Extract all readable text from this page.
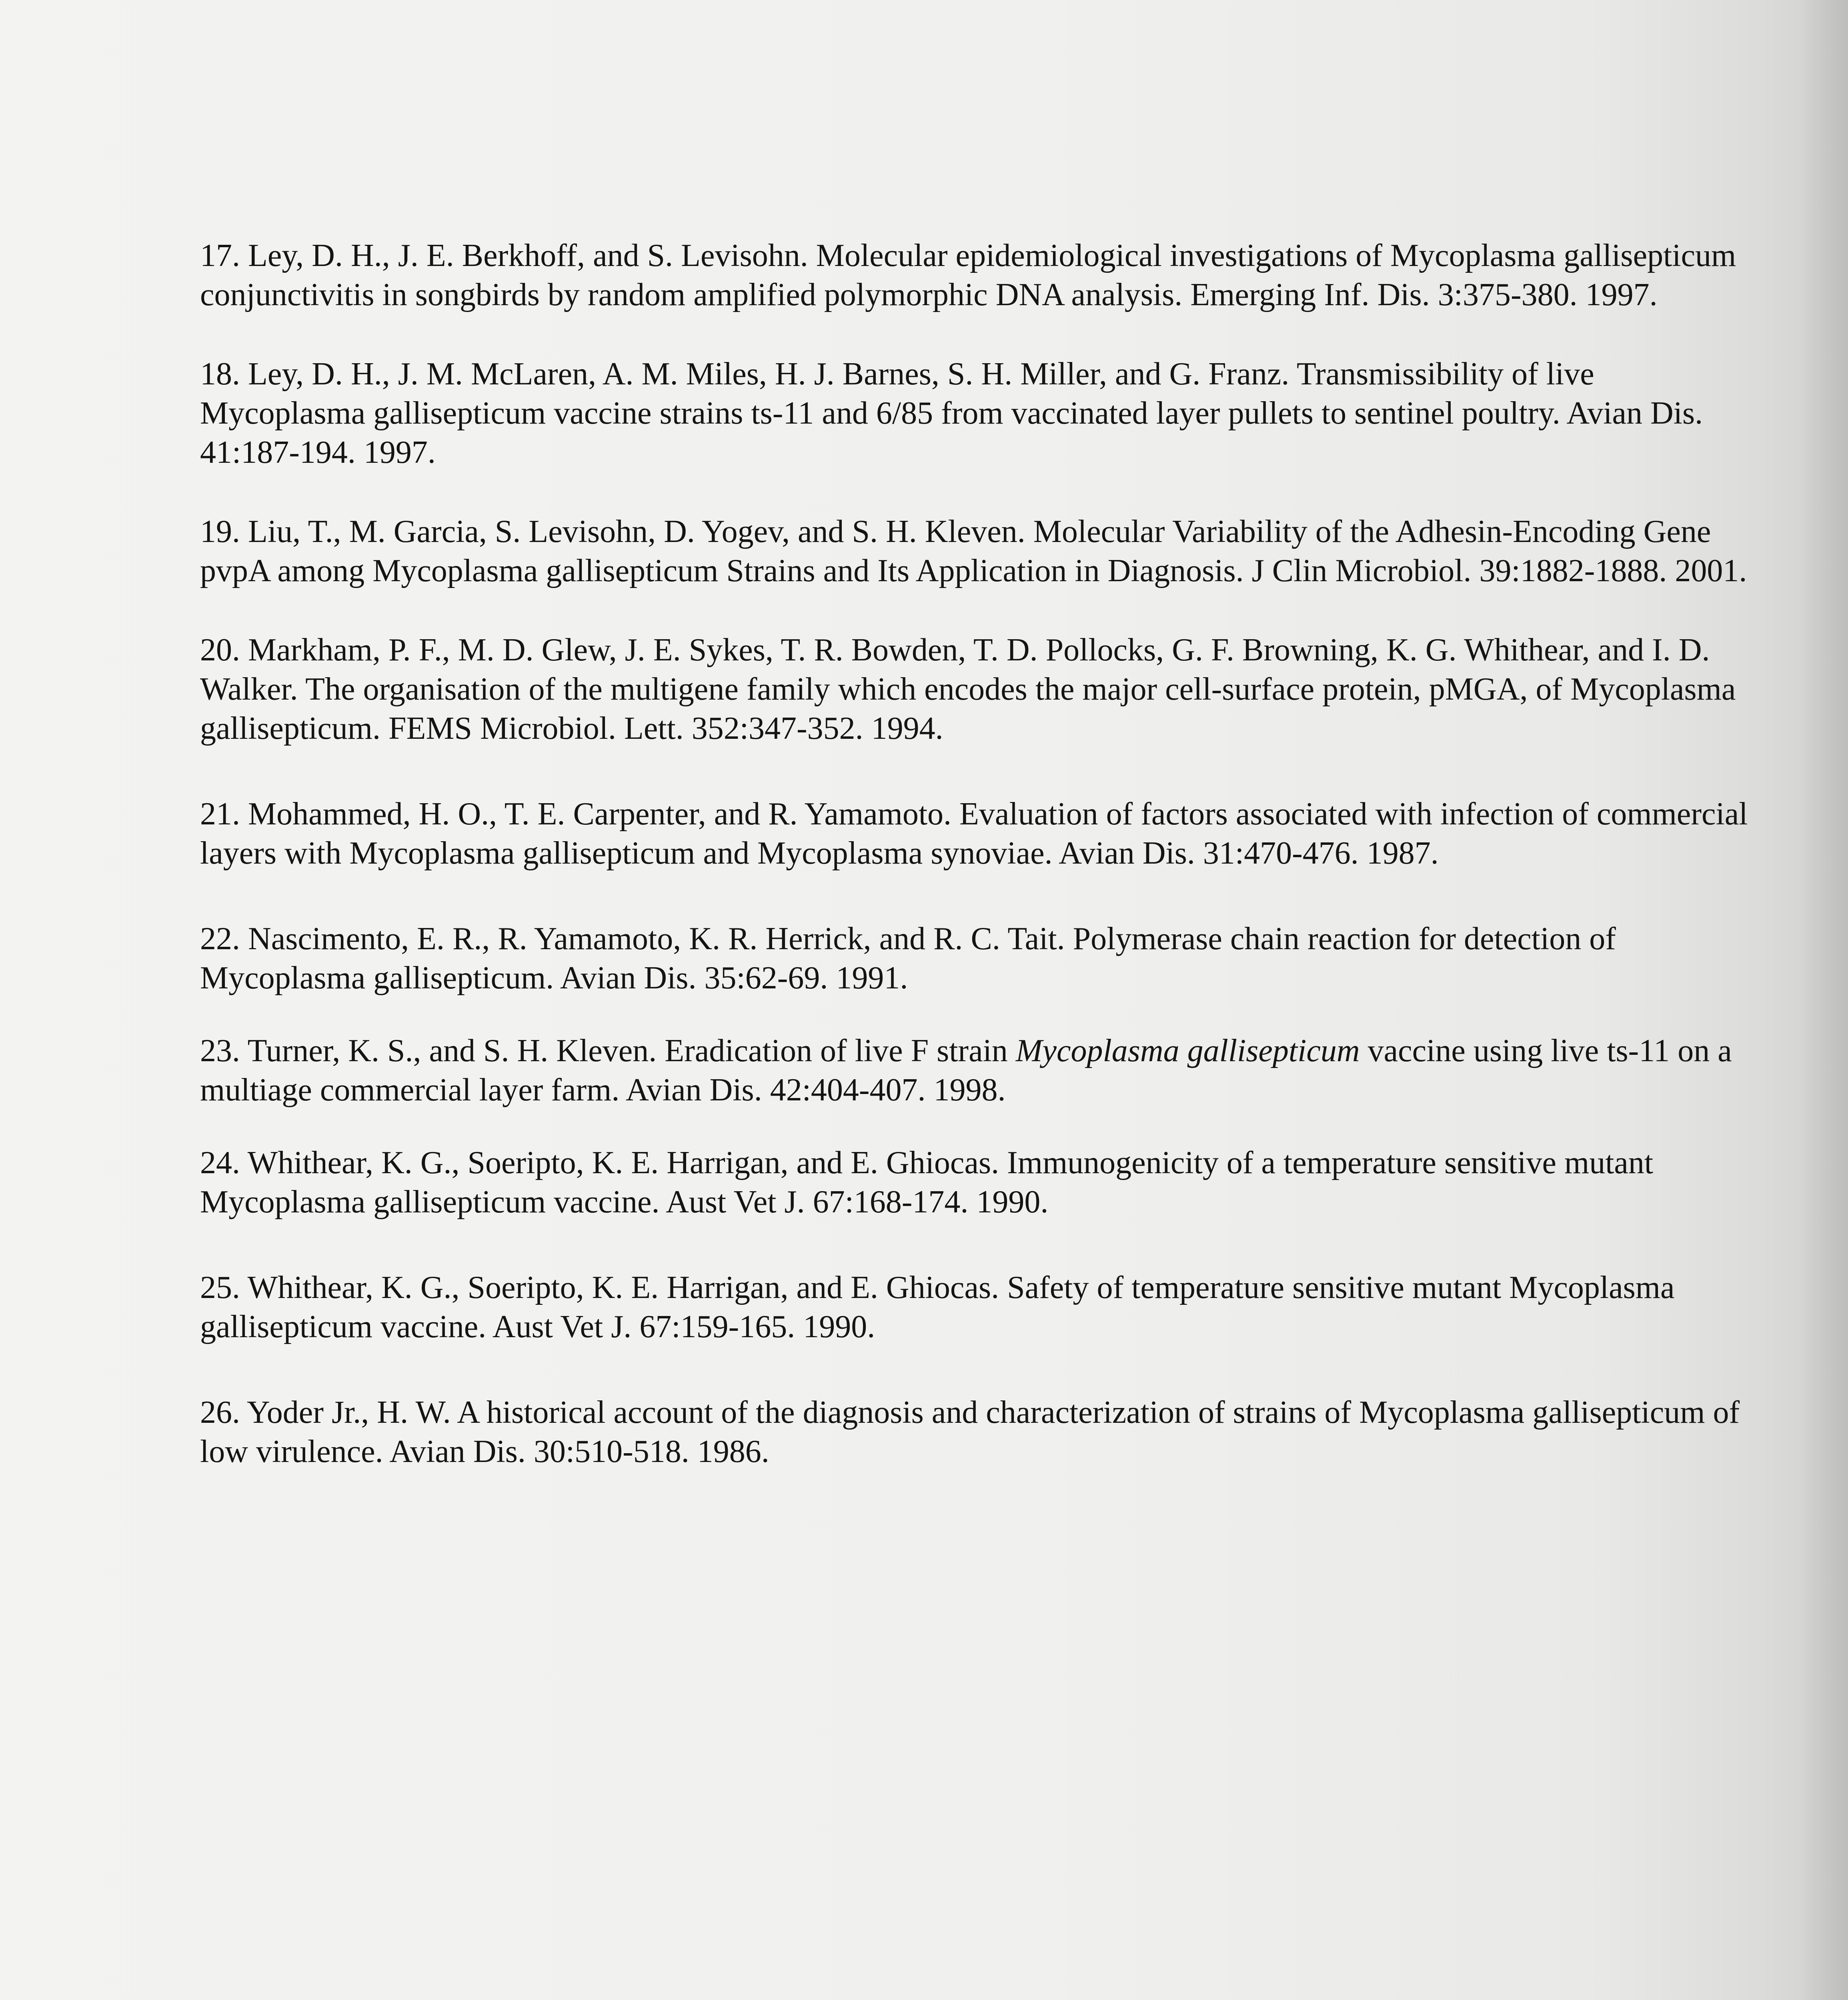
17. Ley, D. H., J. E. Berkhoff, and S. Levisohn. Molecular epidemiological investigations of Mycoplasma gallisepticum conjunctivitis in songbirds by random amplified polymorphic DNA analysis. Emerging Inf. Dis. 3:375-380. 1997.

18. Ley, D. H., J. M. McLaren, A. M. Miles, H. J. Barnes, S. H. Miller, and G. Franz. Transmissibility of live Mycoplasma gallisepticum vaccine strains ts-11 and 6/85 from vaccinated layer pullets to sentinel poultry. Avian Dis. 41:187-194. 1997.

19. Liu, T., M. Garcia, S. Levisohn, D. Yogev, and S. H. Kleven. Molecular Variability of the Adhesin-Encoding Gene pvpA among Mycoplasma gallisepticum Strains and Its Application in Diagnosis. J Clin Microbiol. 39:1882-1888. 2001.

20. Markham, P. F., M. D. Glew, J. E. Sykes, T. R. Bowden, T. D. Pollocks, G. F. Browning, K. G. Whithear, and I. D. Walker. The organisation of the multigene family which encodes the major cell-surface protein, pMGA, of Mycoplasma gallisepticum. FEMS Microbiol. Lett. 352:347-352. 1994.

21. Mohammed, H. O., T. E. Carpenter, and R. Yamamoto. Evaluation of factors associated with infection of commercial layers with Mycoplasma gallisepticum and Mycoplasma synoviae. Avian Dis. 31:470-476. 1987.

22. Nascimento, E. R., R. Yamamoto, K. R. Herrick, and R. C. Tait. Polymerase chain reaction for detection of Mycoplasma gallisepticum. Avian Dis. 35:62-69. 1991.

23. Turner, K. S., and S. H. Kleven. Eradication of live F strain Mycoplasma gallisepticum vaccine using live ts-11 on a multiage commercial layer farm. Avian Dis. 42:404-407. 1998.

24. Whithear, K. G., Soeripto, K. E. Harrigan, and E. Ghiocas. Immunogenicity of a temperature sensitive mutant Mycoplasma gallisepticum vaccine. Aust Vet J. 67:168-174. 1990.

25. Whithear, K. G., Soeripto, K. E. Harrigan, and E. Ghiocas. Safety of temperature sensitive mutant Mycoplasma gallisepticum vaccine. Aust Vet J. 67:159-165. 1990.

26. Yoder Jr., H. W. A historical account of the diagnosis and characterization of strains of Mycoplasma gallisepticum of low virulence. Avian Dis. 30:510-518. 1986.
